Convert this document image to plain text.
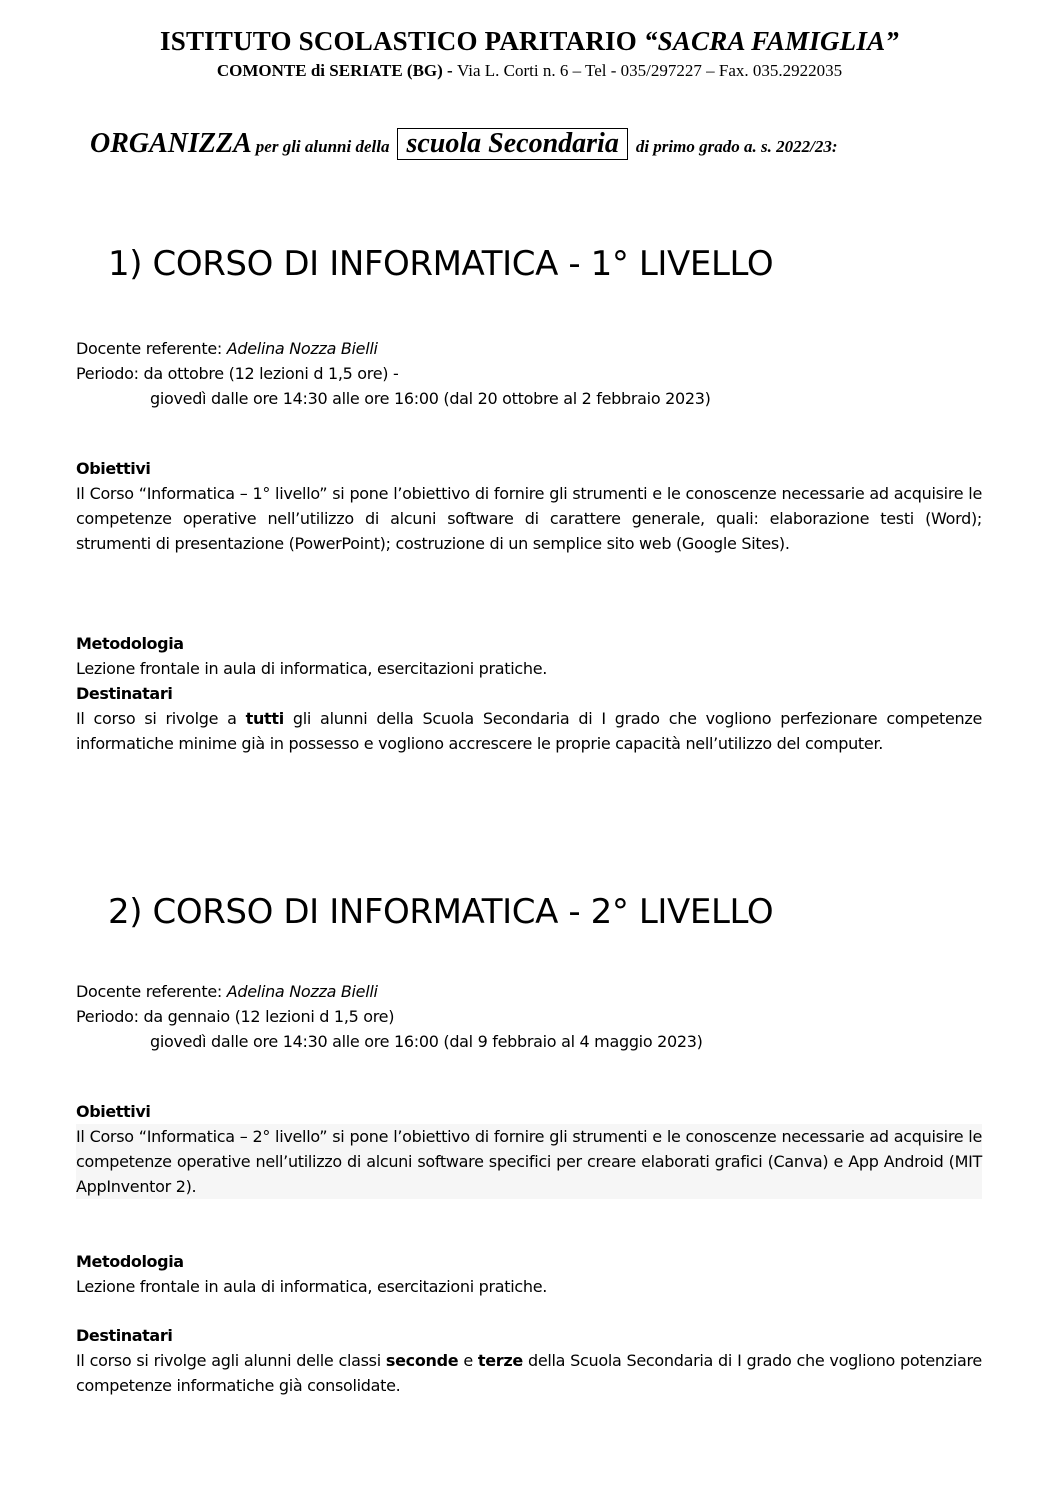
ISTITUTO SCOLASTICO PARITARIO “SACRA FAMIGLIA”
COMONTE di SERIATE (BG) - Via L. Corti n. 6 – Tel - 035/297227 – Fax. 035.2922035
ORGANIZZA per gli alunni della scuola Secondaria di primo grado a. s. 2022/23:
1) CORSO DI INFORMATICA - 1° LIVELLO
Docente referente: Adelina Nozza Bielli
Periodo: da ottobre (12 lezioni d 1,5 ore) -
giovedì dalle ore 14:30 alle ore 16:00 (dal 20 ottobre al 2 febbraio 2023)
Obiettivi
Il Corso “Informatica – 1° livello” si pone l’obiettivo di fornire gli strumenti e le conoscenze necessarie ad acquisire le competenze operative nell’utilizzo di alcuni software di carattere generale, quali: elaborazione testi (Word); strumenti di presentazione (PowerPoint); costruzione di un semplice sito web (Google Sites).
Metodologia
Lezione frontale in aula di informatica, esercitazioni pratiche.
Destinatari
Il corso si rivolge a tutti gli alunni della Scuola Secondaria di I grado che vogliono perfezionare competenze informatiche minime già in possesso e vogliono accrescere le proprie capacità nell’utilizzo del computer.
2) CORSO DI INFORMATICA - 2° LIVELLO
Docente referente: Adelina Nozza Bielli
Periodo: da gennaio (12 lezioni d 1,5 ore)
giovedì dalle ore 14:30 alle ore 16:00 (dal 9 febbraio al 4 maggio 2023)
Obiettivi
Il Corso “Informatica – 2° livello” si pone l’obiettivo di fornire gli strumenti e le conoscenze necessarie ad acquisire le competenze operative nell’utilizzo di alcuni software specifici per creare elaborati grafici (Canva) e App Android (MIT AppInventor 2).
Metodologia
Lezione frontale in aula di informatica, esercitazioni pratiche.
Destinatari
Il corso si rivolge agli alunni delle classi seconde e terze della Scuola Secondaria di I grado che vogliono potenziare competenze informatiche già consolidate.
